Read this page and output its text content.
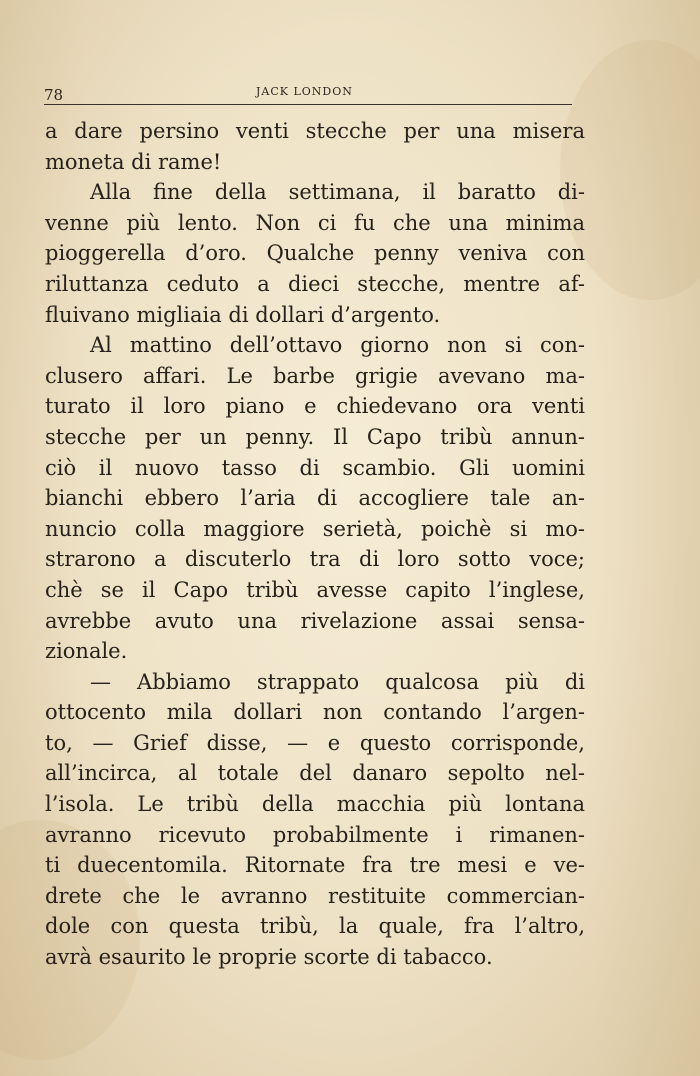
78	JACK LONDON
a dare persino venti stecche per una misera
moneta di rame!
Alla fine della settimana, il baratto di-
venne più lento. Non ci fu che una minima
pioggerella d’oro. Qualche penny veniva con
riluttanza ceduto a dieci stecche, mentre af-
fluivano migliaia di dollari d’argento.
Al mattino dell’ottavo giorno non si con-
clusero affari. Le barbe grigie avevano ma-
turato il loro piano e chiedevano ora venti
stecche per un penny. Il Capo tribù annun-
ciò il nuovo tasso di scambio. Gli uomini
bianchi ebbero l’aria di accogliere tale an-
nuncio colla maggiore serietà, poichè si mo-
strarono a discuterlo tra di loro sotto voce;
chè se il Capo tribù avesse capito l’inglese,
avrebbe avuto una rivelazione assai sensa-
zionale.
— Abbiamo strappato qualcosa più di
ottocento mila dollari non contando l’argen-
to, — Grief disse, — e questo corrisponde,
all’incirca, al totale del danaro sepolto nel-
l’isola. Le tribù della macchia più lontana
avranno ricevuto probabilmente i rimanen-
ti duecentomila. Ritornate fra tre mesi e ve-
drete che le avranno restituite commercian-
dole con questa tribù, la quale, fra l’altro,
avrà esaurito le proprie scorte di tabacco.
